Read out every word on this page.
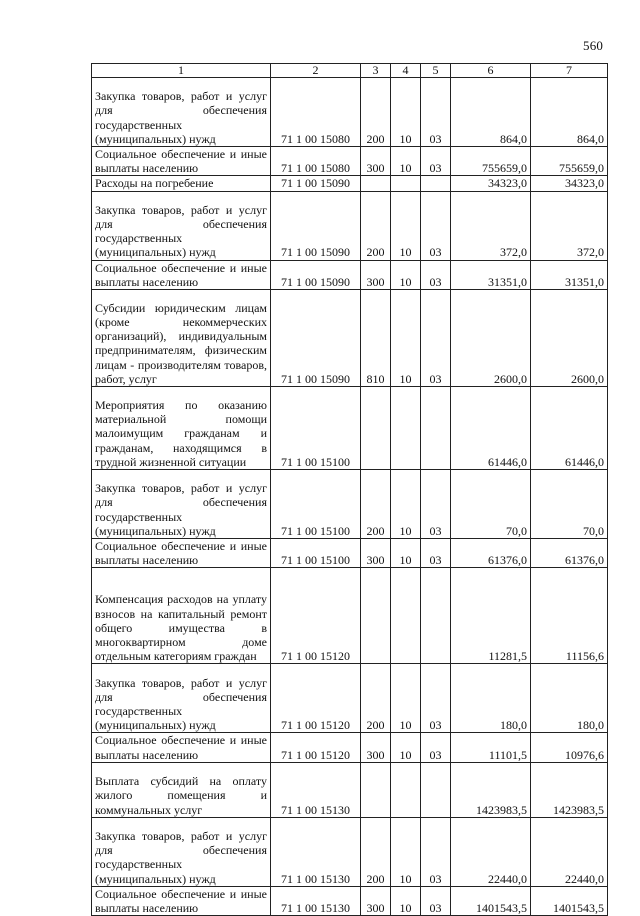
560
1	2	3	4	5	6	7
Закупка товаров, работ и услуг для обеспечения государственных (муниципальных) нужд	71 1 00 15080	200	10	03	864,0	864,0
Социальное обеспечение и иные выплаты населению	71 1 00 15080	300	10	03	755659,0	755659,0
Расходы на погребение	71 1 00 15090				34323,0	34323,0
Закупка товаров, работ и услуг для обеспечения государственных (муниципальных) нужд	71 1 00 15090	200	10	03	372,0	372,0
Социальное обеспечение и иные выплаты населению	71 1 00 15090	300	10	03	31351,0	31351,0
Субсидии юридическим лицам (кроме некоммерческих организаций), индивидуальным предпринимателям, физическим лицам - производителям товаров, работ, услуг	71 1 00 15090	810	10	03	2600,0	2600,0
Мероприятия по оказанию материальной помощи малоимущим гражданам и гражданам, находящимся в трудной жизненной ситуации	71 1 00 15100				61446,0	61446,0
Закупка товаров, работ и услуг для обеспечения государственных (муниципальных) нужд	71 1 00 15100	200	10	03	70,0	70,0
Социальное обеспечение и иные выплаты населению	71 1 00 15100	300	10	03	61376,0	61376,0
Компенсация расходов на уплату взносов на капитальный ремонт общего имущества в многоквартирном доме отдельным категориям граждан	71 1 00 15120				11281,5	11156,6
Закупка товаров, работ и услуг для обеспечения государственных (муниципальных) нужд	71 1 00 15120	200	10	03	180,0	180,0
Социальное обеспечение и иные выплаты населению	71 1 00 15120	300	10	03	11101,5	10976,6
Выплата субсидий на оплату жилого помещения и коммунальных услуг	71 1 00 15130				1423983,5	1423983,5
Закупка товаров, работ и услуг для обеспечения государственных (муниципальных) нужд	71 1 00 15130	200	10	03	22440,0	22440,0
Социальное обеспечение и иные выплаты населению	71 1 00 15130	300	10	03	1401543,5	1401543,5
